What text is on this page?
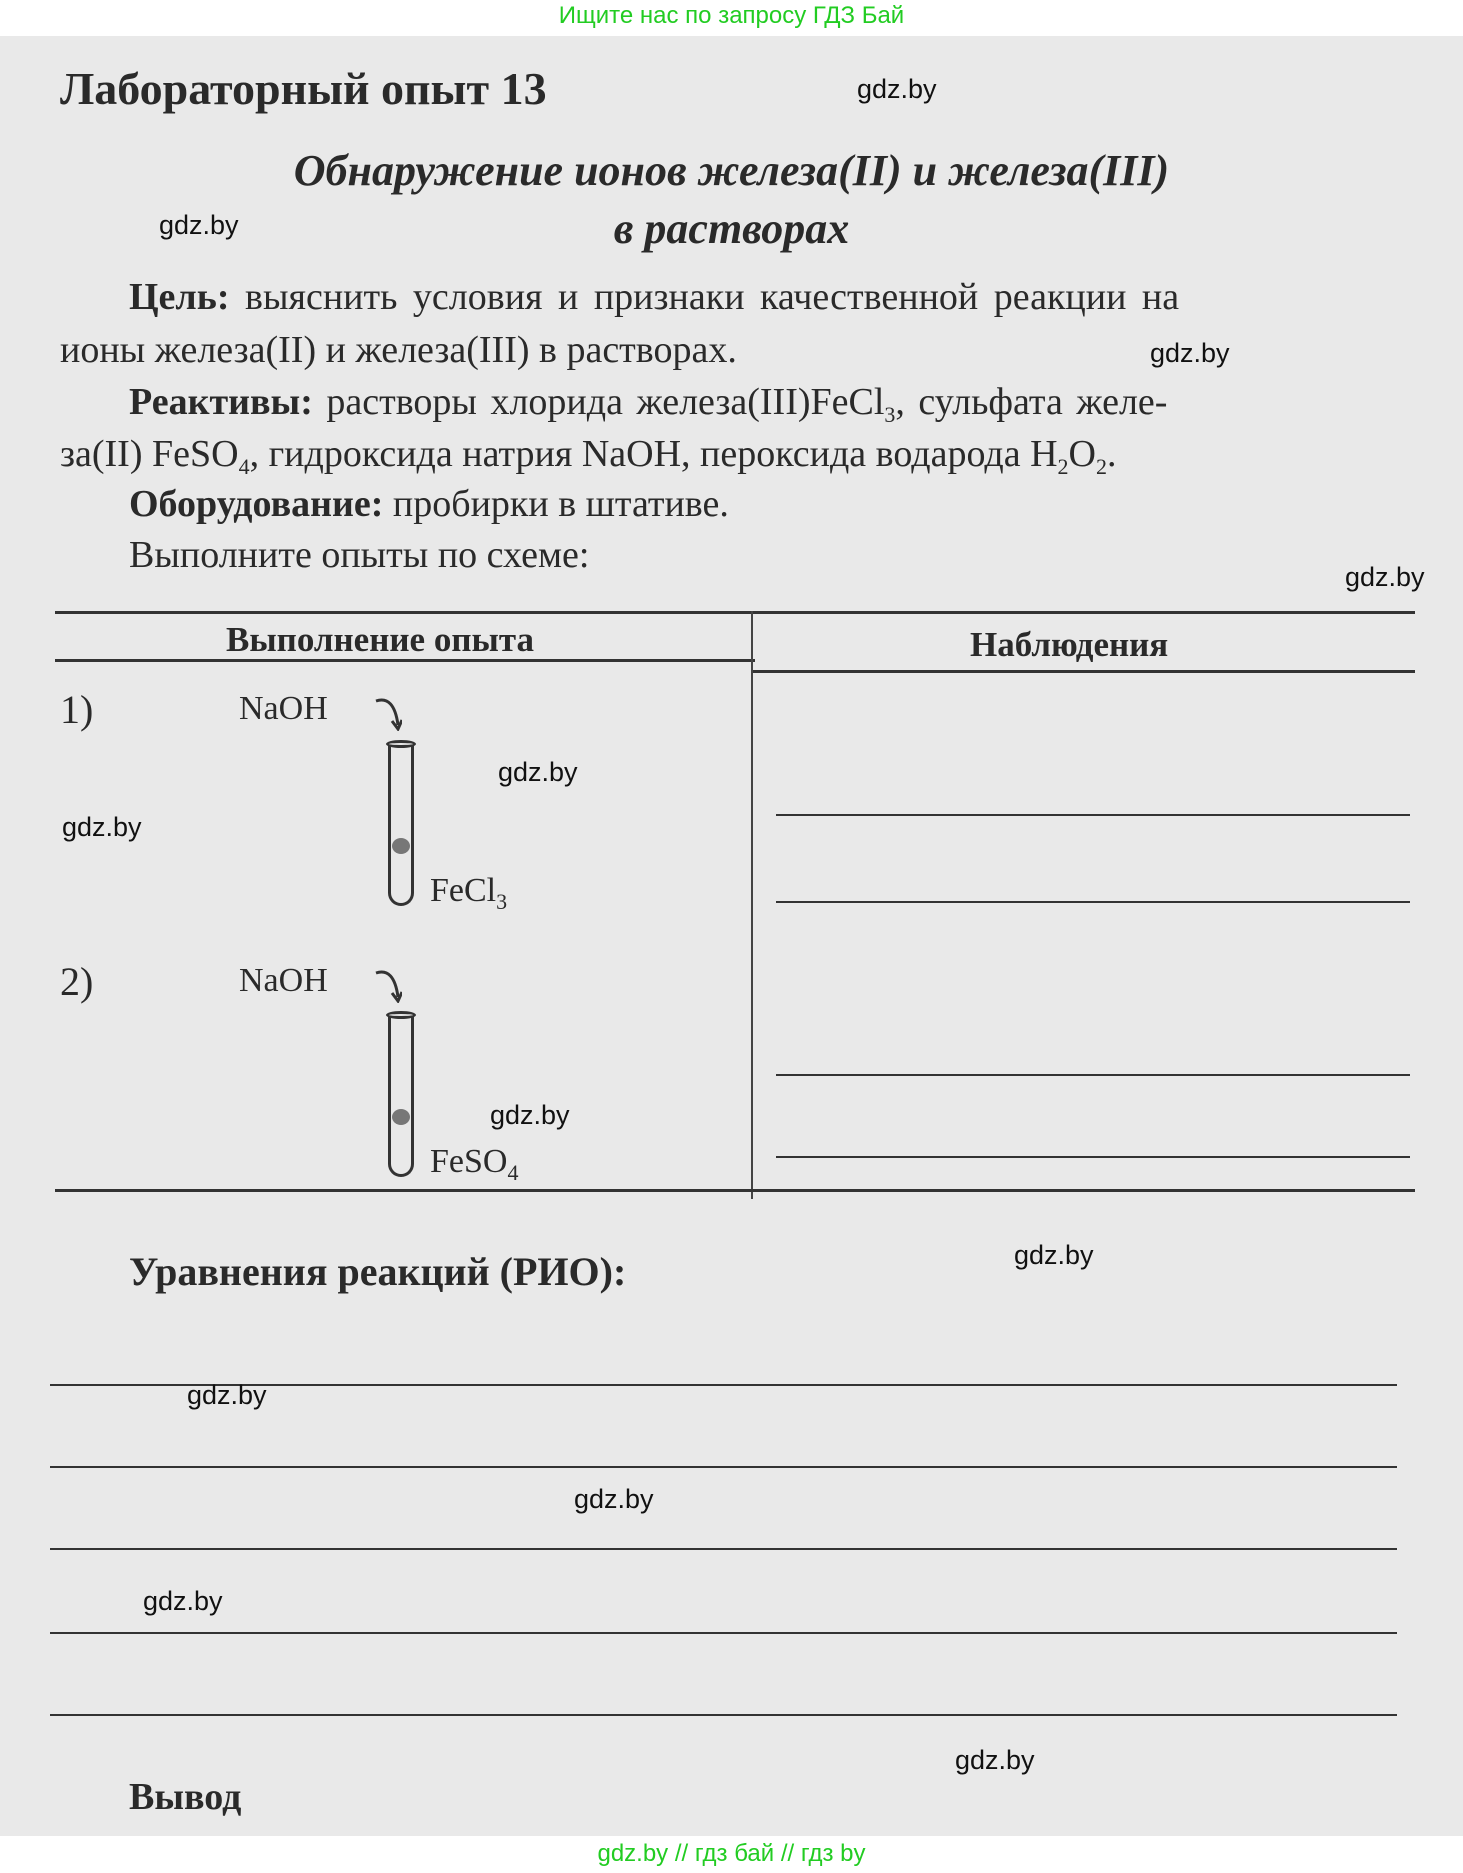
Ищите нас по запросу ГДЗ Бай
Лабораторный опыт 13
Обнаружение ионов железа(II) и железа(III)
в растворах
Цель: выяснить условия и признаки качественной реакции на
ионы железа(II) и железа(III) в растворах.
Реактивы: растворы хлорида железа(III)FeCl$_3$, сульфата желе-
за(II) FeSO$_4$, гидроксида натрия NaOH, пероксида водарода $H_2O_2$.
Оборудование: пробирки в штативе.
Выполните опыты по схеме:
Выполнение опыта	Наблюдения
1)	NaOH
FeCl$_3$
2)	NaOH
FeSO$_4$
Уравнения реакций (РИО):
Вывод
gdz.by
gdz.by
gdz.by
gdz.by
gdz.by
gdz.by
gdz.by
gdz.by
gdz.by
gdz.by
gdz.by
gdz.by
gdz.by // гдз бай // гдз by
